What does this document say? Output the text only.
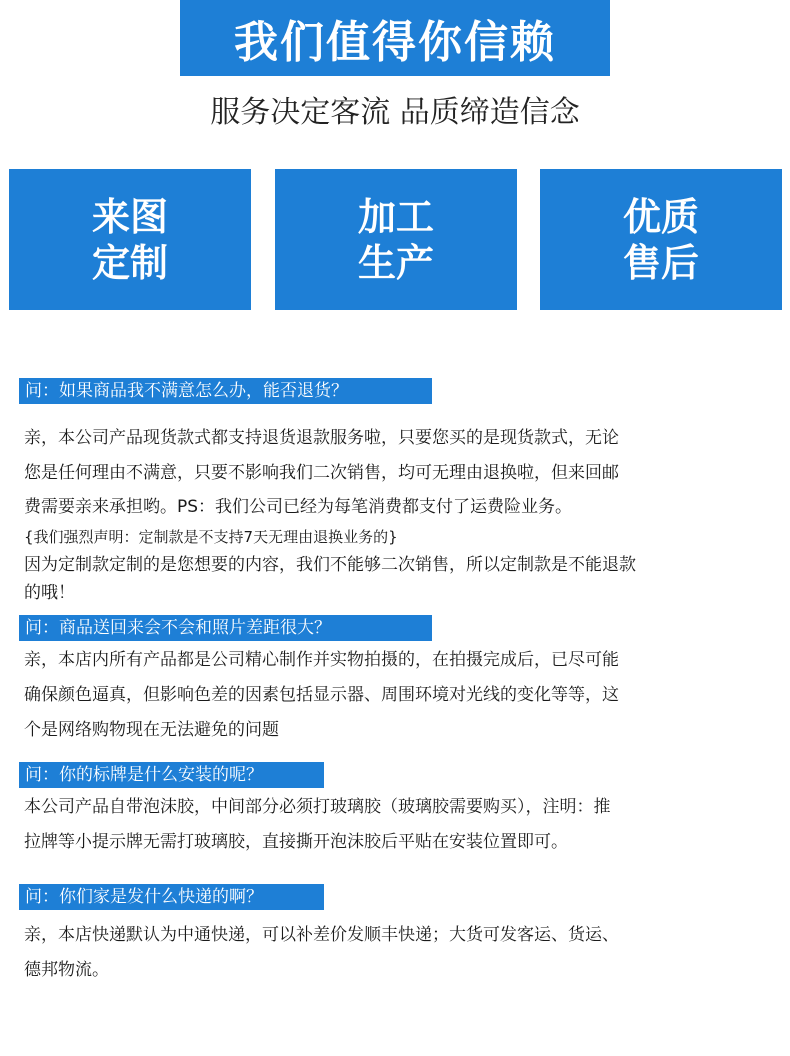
我们值得你信赖
服务决定客流 品质缔造信念
来图
定制
加工
生产
优质
售后
问：如果商品我不满意怎么办，能否退货？
亲，本公司产品现货款式都支持退货退款服务啦，只要您买的是现货款式，无论
您是任何理由不满意，只要不影响我们二次销售，均可无理由退换啦，但来回邮
费需要亲来承担哟。PS：我们公司已经为每笔消费都支付了运费险业务。
{我们强烈声明：定制款是不支持7天无理由退换业务的}
因为定制款定制的是您想要的内容，我们不能够二次销售，所以定制款是不能退款
的哦！
问：商品送回来会不会和照片差距很大？
亲，本店内所有产品都是公司精心制作并实物拍摄的，在拍摄完成后，已尽可能
确保颜色逼真，但影响色差的因素包括显示器、周围环境对光线的变化等等，这
个是网络购物现在无法避免的问题
问：你的标牌是什么安装的呢？
本公司产品自带泡沫胶，中间部分必须打玻璃胶（玻璃胶需要购买），注明：推
拉牌等小提示牌无需打玻璃胶，直接撕开泡沫胶后平贴在安装位置即可。
问：你们家是发什么快递的啊？
亲，本店快递默认为中通快递，可以补差价发顺丰快递；大货可发客运、货运、
德邦物流。
